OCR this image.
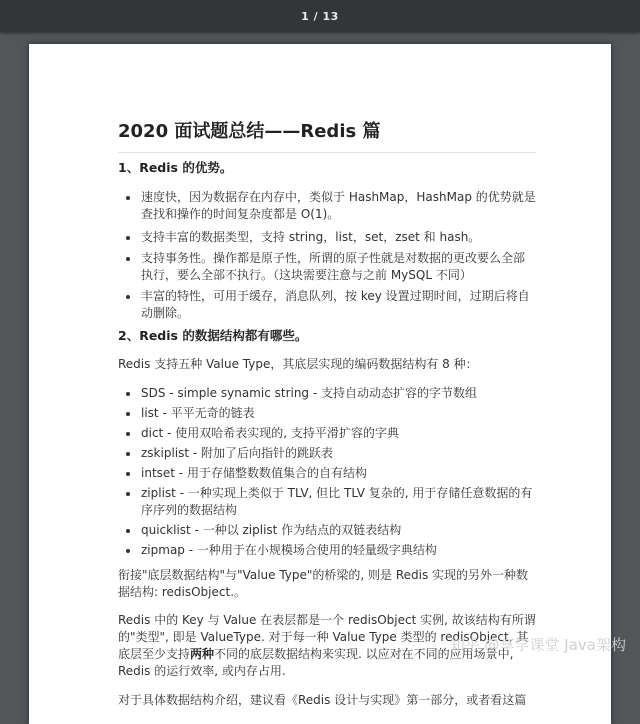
1 / 13
2020 面试题总结——Redis 篇
1、Redis 的优势。
速度快，因为数据存在内存中，类似于 HashMap，HashMap 的优势就是查找和操作的时间复杂度都是 O(1)。
支持丰富的数据类型，支持 string，list，set，zset 和 hash。
支持事务性。操作都是原子性，所谓的原子性就是对数据的更改要么全部执行，要么全部不执行。（这块需要注意与之前 MySQL 不同）
丰富的特性，可用于缓存，消息队列，按 key 设置过期时间，过期后将自动删除。
2、Redis 的数据结构都有哪些。

Redis 支持五种 Value Type，其底层实现的编码数据结构有 8 种：

SDS - simple synamic string - 支持自动动态扩容的字节数组
list - 平平无奇的链表
dict - 使用双哈希表实现的, 支持平滑扩容的字典
zskiplist - 附加了后向指针的跳跃表
intset - 用于存储整数数值集合的自有结构
ziplist - 一种实现上类似于 TLV, 但比 TLV 复杂的, 用于存储任意数据的有序序列的数据结构
quicklist - 一种以 ziplist 作为结点的双链表结构
zipmap - 一种用于在小规模场合使用的轻量级字典结构

衔接"底层数据结构"与"Value Type"的桥梁的, 则是 Redis 实现的另外一种数据结构: redisObject.。

Redis 中的 Key 与 Value 在表层都是一个 redisObject 实例, 故该结构有所谓的"类型", 即是 ValueType. 对于每一种 Value Type 类型的 redisObject, 其底层至少支持两种不同的底层数据结构来实现. 以应对在不同的应用场景中, Redis 的运行效率, 或内存占用.

对于具体数据结构介绍，建议看《Redis 设计与实现》第一部分，或者看这篇

知乎 @享学课堂 Java架构
